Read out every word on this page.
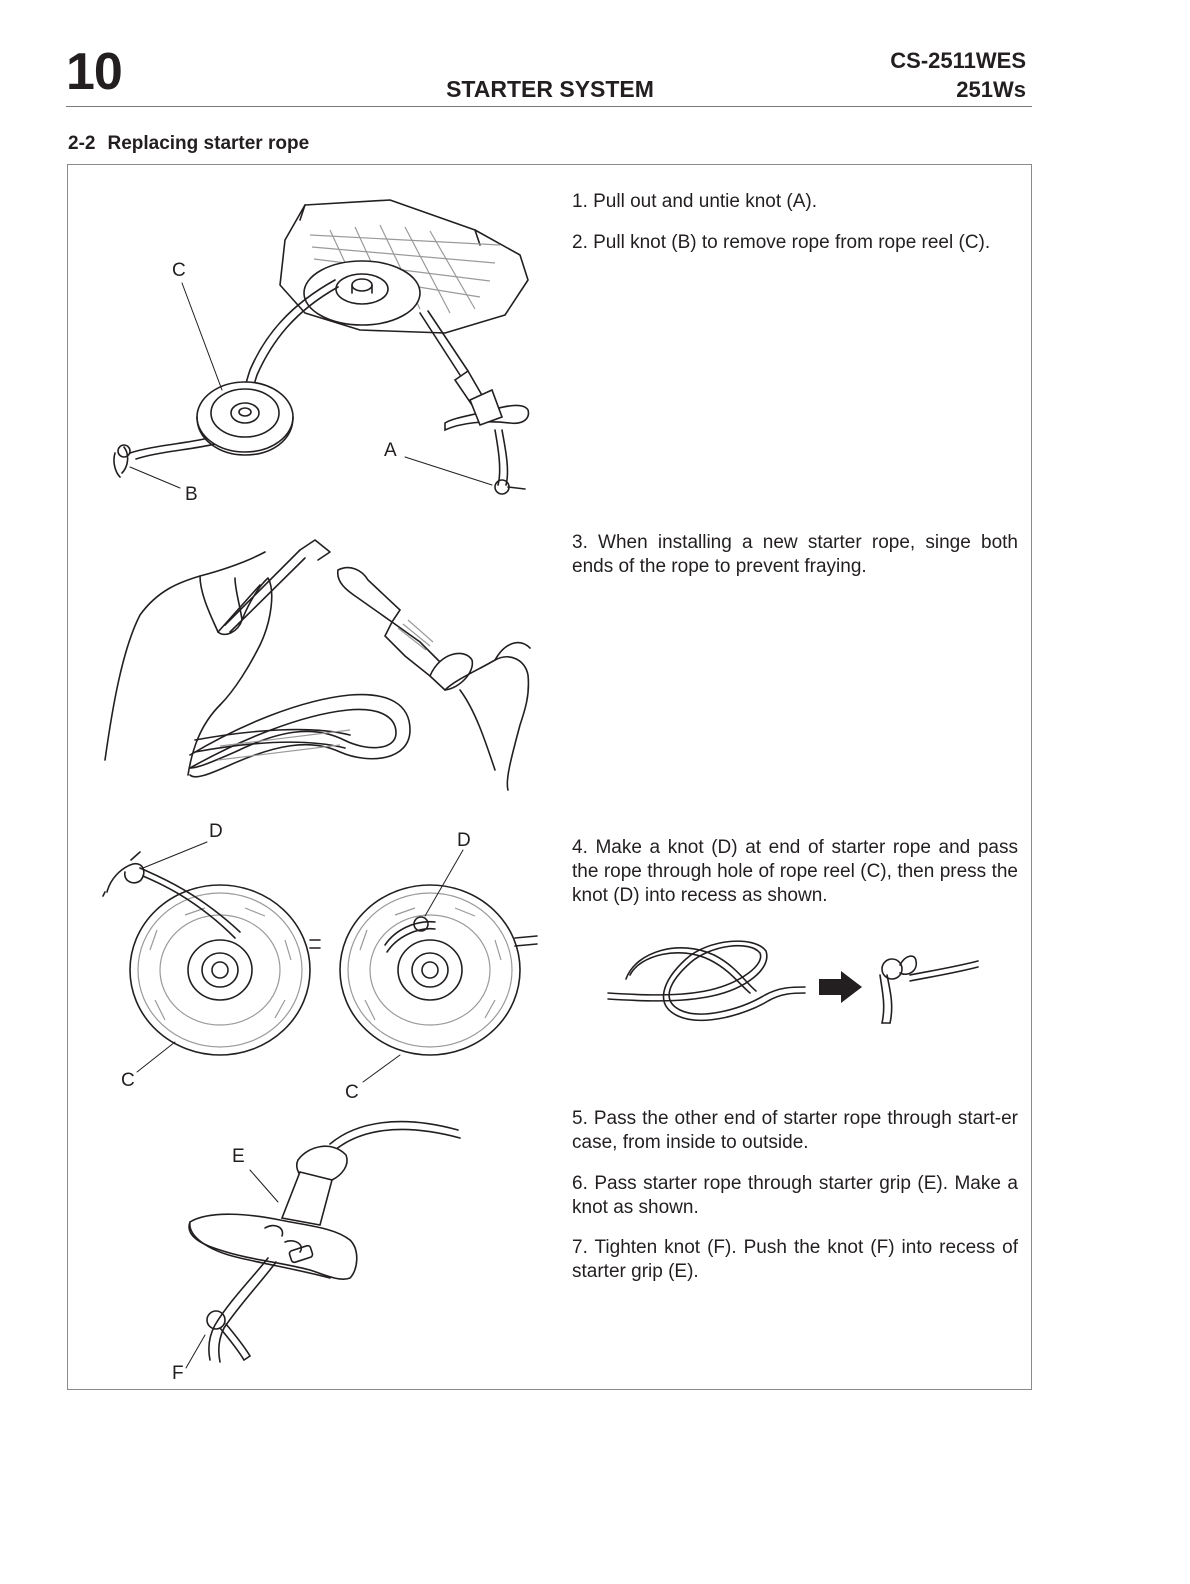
10	STARTER SYSTEM
CS-2511WES
251Ws
2-2 Replacing starter rope
1. Pull out and untie knot (A).
2. Pull knot (B) to remove rope from rope reel (C).
3. When installing a new starter rope, singe both ends of the rope to prevent fraying.
4. Make a knot (D) at end of starter rope and pass the rope through hole of rope reel (C), then press the knot (D) into recess as shown.
5. Pass the other end of starter rope through start-er case, from inside to outside.
6. Pass starter rope through starter grip (E). Make a knot as shown.
7. Tighten knot (F). Push the knot (F) into recess of starter grip (E).
C
A
B
D	D
C
C
E
F
